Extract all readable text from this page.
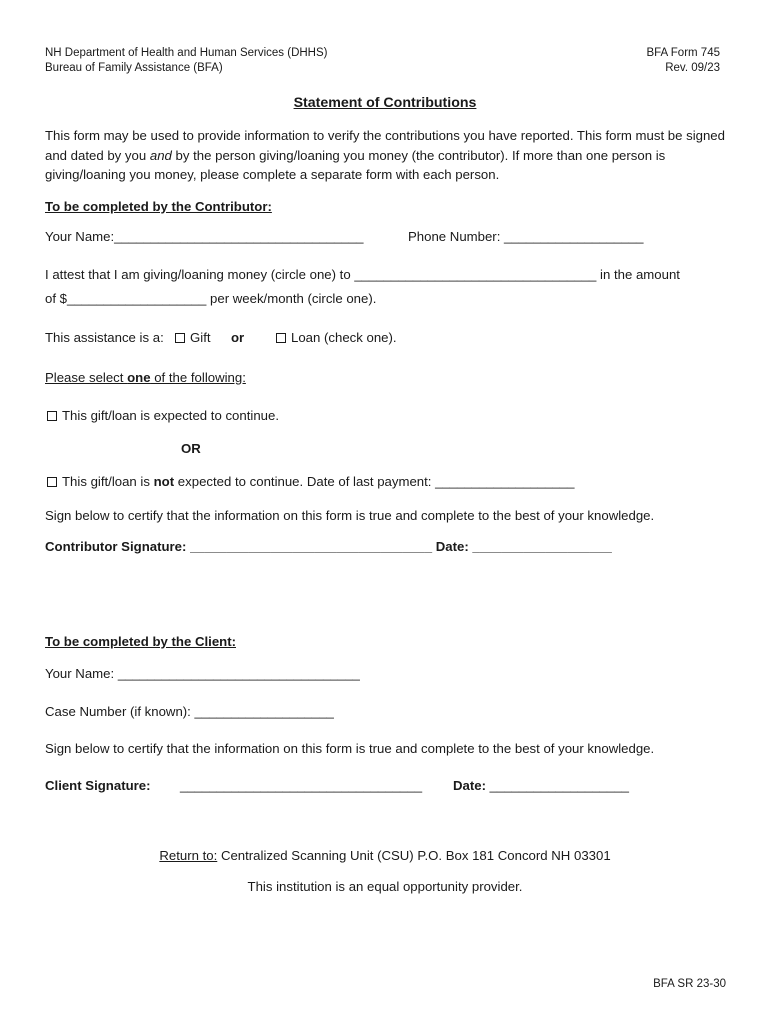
NH Department of Health and Human Services (DHHS)
Bureau of Family Assistance (BFA)
BFA Form 745
Rev. 09/23
Statement of Contributions
This form may be used to provide information to verify the contributions you have reported. This form must be signed and dated by you and by the person giving/loaning you money (the contributor). If more than one person is giving/loaning you money, please complete a separate form with each person.
To be completed by the Contributor:
Your Name:__________________________________	Phone Number: ___________________
I attest that I am giving/loaning money (circle one) to _________________________________ in the amount
of $___________________ per week/month (circle one).
This assistance is a:	Gift or	Loan (check one).
Please select one of the following:
This gift/loan is expected to continue.
OR
This gift/loan is not expected to continue. Date of last payment: ___________________
Sign below to certify that the information on this form is true and complete to the best of your knowledge.
Contributor Signature: _________________________________ Date: ___________________
To be completed by the Client:
Your Name: _________________________________
Case Number (if known): ___________________
Sign below to certify that the information on this form is true and complete to the best of your knowledge.
Client Signature: _________________________________ Date: ___________________
Return to: Centralized Scanning Unit (CSU) P.O. Box 181 Concord NH 03301
This institution is an equal opportunity provider.
BFA SR 23-30
